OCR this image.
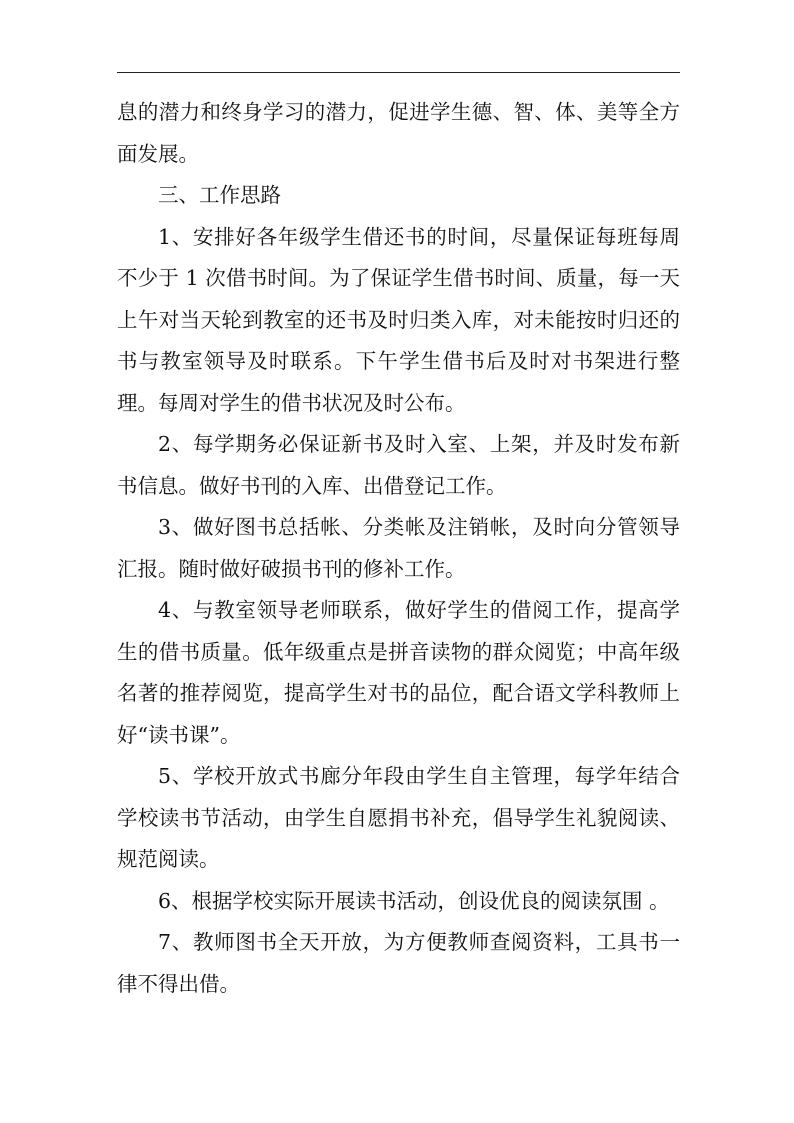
息的潜力和终身学习的潜力，促进学生德、智、体、美等全方面发展。

三、工作思路

1、安排好各年级学生借还书的时间，尽量保证每班每周不少于 1 次借书时间。为了保证学生借书时间、质量，每一天上午对当天轮到教室的还书及时归类入库，对未能按时归还的书与教室领导及时联系。下午学生借书后及时对书架进行整理。每周对学生的借书状况及时公布。

2、每学期务必保证新书及时入室、上架，并及时发布新书信息。做好书刊的入库、出借登记工作。

3、做好图书总括帐、分类帐及注销帐，及时向分管领导汇报。随时做好破损书刊的修补工作。

4、与教室领导老师联系，做好学生的借阅工作，提高学生的借书质量。低年级重点是拼音读物的群众阅览；中高年级名著的推荐阅览，提高学生对书的品位，配合语文学科教师上好“读书课”。

5、学校开放式书廊分年段由学生自主管理，每学年结合学校读书节活动，由学生自愿捐书补充，倡导学生礼貌阅读、规范阅读。

6、根据学校实际开展读书活动，创设优良的阅读氛围 。

7、教师图书全天开放，为方便教师查阅资料，工具书一律不得出借。
